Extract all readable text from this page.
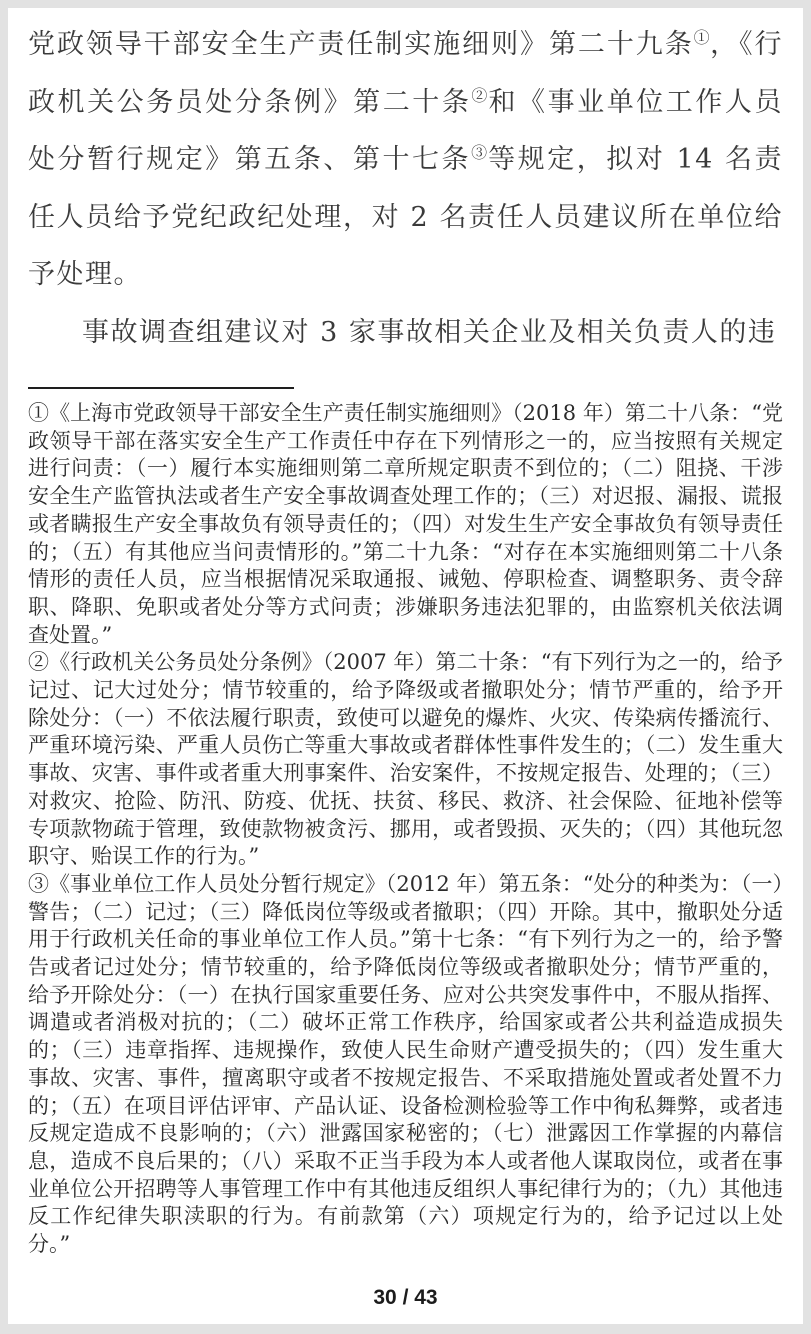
党政领导干部安全生产责任制实施细则》第二十九条①，《行政机关公务员处分条例》第二十条②和《事业单位工作人员处分暂行规定》第五条、第十七条③等规定，拟对 14 名责任人员给予党纪政纪处理，对 2 名责任人员建议所在单位给予处理。

事故调查组建议对 3 家事故相关企业及相关负责人的违

①《上海市党政领导干部安全生产责任制实施细则》（2018 年）第二十八条：“党政领导干部在落实安全生产工作责任中存在下列情形之一的，应当按照有关规定进行问责：（一）履行本实施细则第二章所规定职责不到位的；（二）阻挠、干涉安全生产监管执法或者生产安全事故调查处理工作的；（三）对迟报、漏报、谎报或者瞒报生产安全事故负有领导责任的；（四）对发生生产安全事故负有领导责任的；（五）有其他应当问责情形的。”第二十九条：“对存在本实施细则第二十八条情形的责任人员，应当根据情况采取通报、诫勉、停职检查、调整职务、责令辞职、降职、免职或者处分等方式问责；涉嫌职务违法犯罪的，由监察机关依法调查处置。”

②《行政机关公务员处分条例》（2007 年）第二十条：“有下列行为之一的，给予记过、记大过处分；情节较重的，给予降级或者撤职处分；情节严重的，给予开除处分：（一）不依法履行职责，致使可以避免的爆炸、火灾、传染病传播流行、严重环境污染、严重人员伤亡等重大事故或者群体性事件发生的；（二）发生重大事故、灾害、事件或者重大刑事案件、治安案件，不按规定报告、处理的；（三）对救灾、抢险、防汛、防疫、优抚、扶贫、移民、救济、社会保险、征地补偿等专项款物疏于管理，致使款物被贪污、挪用，或者毁损、灭失的；（四）其他玩忽职守、贻误工作的行为。”

③《事业单位工作人员处分暂行规定》（2012 年）第五条：“处分的种类为：（一）警告；（二）记过；（三）降低岗位等级或者撤职；（四）开除。其中，撤职处分适用于行政机关任命的事业单位工作人员。”第十七条：“有下列行为之一的，给予警告或者记过处分；情节较重的，给予降低岗位等级或者撤职处分；情节严重的，给予开除处分：（一）在执行国家重要任务、应对公共突发事件中，不服从指挥、调遣或者消极对抗的；（二）破坏正常工作秩序，给国家或者公共利益造成损失的；（三）违章指挥、违规操作，致使人民生命财产遭受损失的；（四）发生重大事故、灾害、事件，擅离职守或者不按规定报告、不采取措施处置或者处置不力的；（五）在项目评估评审、产品认证、设备检测检验等工作中徇私舞弊，或者违反规定造成不良影响的；（六）泄露国家秘密的；（七）泄露因工作掌握的内幕信息，造成不良后果的；（八）采取不正当手段为本人或者他人谋取岗位，或者在事业单位公开招聘等人事管理工作中有其他违反组织人事纪律行为的；（九）其他违反工作纪律失职渎职的行为。有前款第（六）项规定行为的，给予记过以上处分。”

30 / 43
